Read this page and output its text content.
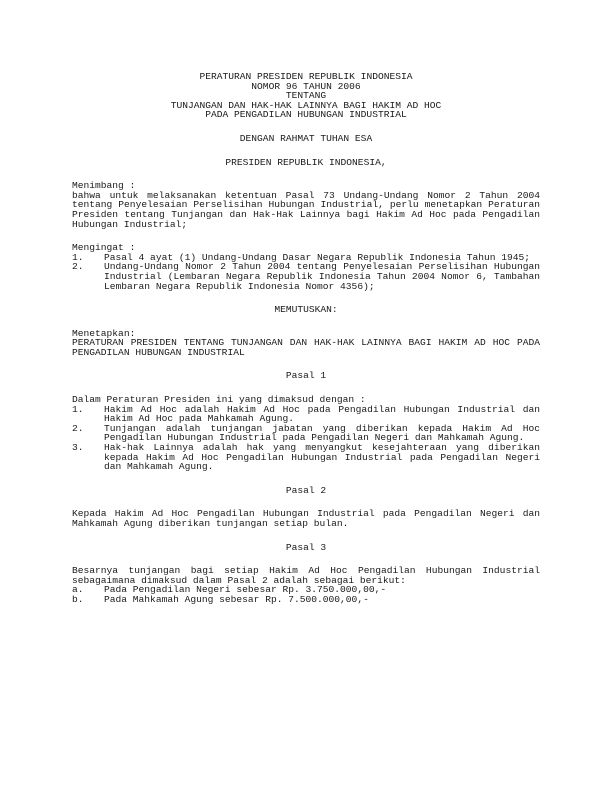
PERATURAN PRESIDEN REPUBLIK INDONESIA
NOMOR 96 TAHUN 2006
TENTANG
TUNJANGAN DAN HAK-HAK LAINNYA BAGI HAKIM AD HOC
PADA PENGADILAN HUBUNGAN INDUSTRIAL
DENGAN RAHMAT TUHAN ESA
PRESIDEN REPUBLIK INDONESIA,
Menimbang :

bahwa untuk melaksanakan ketentuan Pasal 73 Undang-Undang Nomor 2 Tahun 2004 tentang Penyelesaian Perselisihan Hubungan Industrial, perlu menetapkan Peraturan Presiden tentang Tunjangan dan Hak-Hak Lainnya bagi Hakim Ad Hoc pada Pengadilan Hubungan Industrial;

Mengingat :
1.	Pasal 4 ayat (1) Undang-Undang Dasar Negara Republik Indonesia Tahun 1945;
2.	Undang-Undang Nomor 2 Tahun 2004 tentang Penyelesaian Perselisihan Hubungan Industrial (Lembaran Negara Republik Indonesia Tahun 2004 Nomor 6, Tambahan Lembaran Negara Republik Indonesia Nomor 4356);
MEMUTUSKAN:
Menetapkan:

PERATURAN PRESIDEN TENTANG TUNJANGAN DAN HAK-HAK LAINNYA BAGI HAKIM AD HOC PADA PENGADILAN HUBUNGAN INDUSTRIAL

Pasal 1
Dalam Peraturan Presiden ini yang dimaksud dengan :
1.	Hakim Ad Hoc adalah Hakim Ad Hoc pada Pengadilan Hubungan Industrial dan Hakim Ad Hoc pada Mahkamah Agung.
2.	Tunjangan adalah tunjangan jabatan yang diberikan kepada Hakim Ad Hoc Pengadilan Hubungan Industrial pada Pengadilan Negeri dan Mahkamah Agung.
3.	Hak-hak Lainnya adalah hak yang menyangkut kesejahteraan yang diberikan kepada Hakim Ad Hoc Pengadilan Hubungan Industrial pada Pengadilan Negeri dan Mahkamah Agung.
Pasal 2

Kepada Hakim Ad Hoc Pengadilan Hubungan Industrial pada Pengadilan Negeri dan Mahkamah Agung diberikan tunjangan setiap bulan.

Pasal 3

Besarnya tunjangan bagi setiap Hakim Ad Hoc Pengadilan Hubungan Industrial sebagaimana dimaksud dalam Pasal 2 adalah sebagai berikut:

a.	Pada Pengadilan Negeri sebesar Rp. 3.750.000,00,-
b.	Pada Mahkamah Agung sebesar Rp. 7.500.000,00,-
